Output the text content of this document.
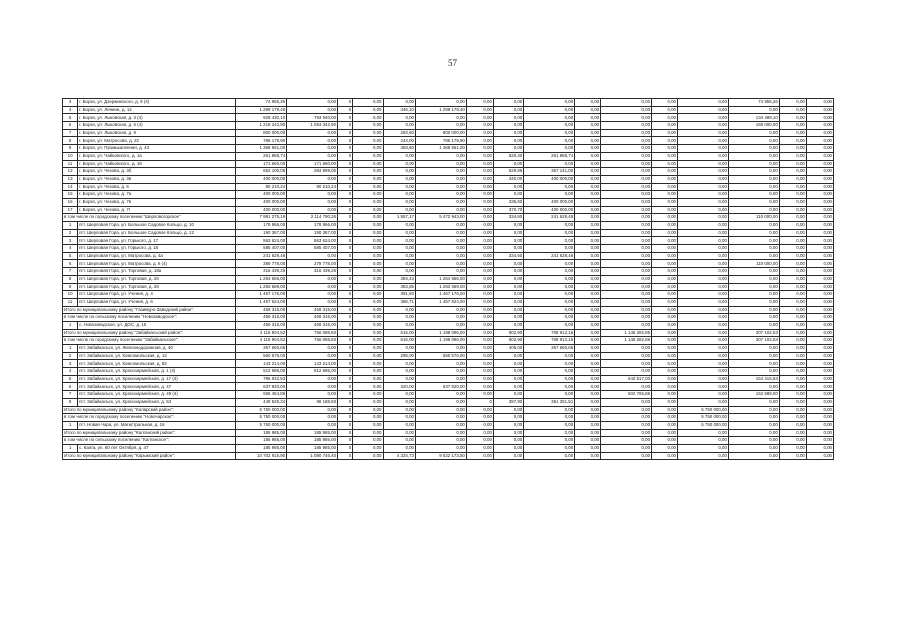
57
3	г. Борзя, ул. Дзержинского, д. 9 (4)	74 955,26	0,00	0	0,00	0,00	0,00	0,00	0,00	0,00	0,00	0,00	0,00	0,00	74 955,26	0,00	0,00
4	г. Борзя, ул. Ленина, д. 14	1 299 179,40	0,00	0	0,00	446,10	1 299 179,40	0,00	0,00	0,00	0,00	0,00	0,00	0,00	0,00	0,00	0,00
5	г. Борзя, ул. Лыковская, д. 3 (4)	928 430,10	793 940,00	0	0,00	0,00	0,00	0,00	0,00	0,00	0,00	0,00	0,00	0,00	134 489,10	0,00	0,00
6	г. Борзя, ул. Лыковская, д. 5 (4)	1 218 242,90	1 053 342,90	0	0,00	0,00	0,00	0,00	0,00	0,00	0,00	0,00	0,00	0,00	165 000,00	0,00	0,00
7	г. Борзя, ул. Лыковская, д. 9	800 000,00	0,00	0	0,00	283,60	800 000,00	0,00	0,00	0,00	0,00	0,00	0,00	0,00	0,00	0,00	0,00
8	г. Борзя, ул. Матросова, д. 22	786 179,90	0,00	0	0,00	244,00	786 179,90	0,00	0,00	0,00	0,00	0,00	0,00	0,00	0,00	0,00	0,00
9	г. Борзя, ул. Промышленная, д. 43	1 368 561,00	0,00	0	0,00	483,60	1 368 561,00	0,00	0,00	0,00	0,00	0,00	0,00	0,00	0,00	0,00	0,00
10	г. Борзя, ул. Чайковского, д. 1а	261 858,74	0,00	0	0,00	0,00	0,00	0,00	620,40	261 858,74	0,00	0,00	0,00	0,00	0,00	0,00	0,00
11	г. Борзя, ул. Чайковского, д. 18	171 660,00	171 660,00	0	0,00	0,00	0,00	0,00	0,00	0,00	0,00	0,00	0,00	0,00	0,00	0,00	0,00
12	г. Борзя, ул. Чехова, д. 3б	652 100,05	284 959,05	0	0,00	0,00	0,00	0,00	629,85	367 141,00	0,00	0,00	0,00	0,00	0,00	0,00	0,00
13	г. Борзя, ул. Чехова, д. 3в	400 000,00	0,00	0	0,00	0,00	0,00	0,00	340,00	400 000,00	0,00	0,00	0,00	0,00	0,00	0,00	0,00
14	г. Борзя, ул. Чехова, д. 5	80 210,24	80 210,24	0	0,00	0,00	0,00	0,00	0,00	0,00	0,00	0,00	0,00	0,00	0,00	0,00	0,00
15	г. Борзя, ул. Чехова, д. 7а	400 000,00	0,00	0	0,00	0,00	0,00	0,00	0,00	0,00	0,00	0,00	0,00	0,00	0,00	0,00	0,00
16	г. Борзя, ул. Чехова, д. 7в	400 000,00	0,00	0	0,00	0,00	0,00	0,00	335,60	400 000,00	0,00	0,00	0,00	0,00	0,00	0,00	0,00
17	г. Борзя, ул. Чехова, д. 7г	400 000,00	0,00	0	0,00	0,00	0,00	0,00	370,70	400 000,00	0,00	0,00	0,00	0,00	0,00	0,00	0,00
в том числе по городскому поселению "Шерловогорское"		7 981 275,19	2 114 790,26	0	0,00	1 557,17	5 472 943,00	0,00	334,60	241 629,49	0,00	0,00	0,00	0,00	110 000,00	0,00	0,00
1	пгт. Шерловая Гора, ул. Большое Садовое Кольцо, д. 10	178 866,00	178 866,00	0	0,00	0,00	0,00	0,00	0,00	0,00	0,00	0,00	0,00	0,00	0,00	0,00	0,00
2	пгт. Шерловая Гора, ул. Большое Садовое Кольцо, д. 12	190 367,00	190 367,00	0	0,00	0,00	0,00	0,00	0,00	0,00	0,00	0,00	0,00	0,00	0,00	0,00	0,00
3	пгт. Шерловая Гора, ул. Горького, д. 17	563 624,00	563 624,00	0	0,00	0,00	0,00	0,00	0,00	0,00	0,00	0,00	0,00	0,00	0,00	0,00	0,00
4	пгт. Шерловая Гора, ул. Горького, д. 18	585 407,00	585 407,00	0	0,00	0,00	0,00	0,00	0,00	0,00	0,00	0,00	0,00	0,00	0,00	0,00	0,00
5	пгт. Шерловая Гора, ул. Матросова, д. 4а	241 629,49	0,00	0	0,00	0,00	0,00	0,00	334,60	241 629,49	0,00	0,00	0,00	0,00	0,00	0,00	0,00
6	пгт. Шерловая Гора, ул. Матросова, д. 6 (4)	389 778,00	279 778,00	0	0,00	0,00	0,00	0,00	0,00	0,00	0,00	0,00	0,00	0,00	110 000,00	0,00	0,00
7	пгт. Шерловая Гора, ул. Торговая, д. 18а	316 439,26	316 439,26	0	0,00	0,00	0,00	0,00	0,00	0,00	0,00	0,00	0,00	0,00	0,00	0,00	0,00
8	пгт. Шерловая Гора, ул. Торговая, д. 26	1 264 556,00	0,00	0	0,00	394,43	1 264 556,00	0,00	0,00	0,00	0,00	0,00	0,00	0,00	0,00	0,00	0,00
9	пгт. Шерловая Гора, ул. Торговая, д. 28	1 283 589,00	0,00	0	0,00	383,85	1 283 589,00	0,00	0,00	0,00	0,00	0,00	0,00	0,00	0,00	0,00	0,00
10	пгт. Шерловая Гора, ул. Учения, д. 4	1 467 176,00	0,00	0	0,00	391,93	1 467 176,00	0,00	0,00	0,00	0,00	0,00	0,00	0,00	0,00	0,00	0,00
11	пгт. Шерловая Гора, ул. Учения, д. 6	1 457 624,00	0,00	0	0,00	386,71	1 457 624,00	0,00	0,00	0,00	0,00	0,00	0,00	0,00	0,00	0,00	0,00
Итого по муниципальному району "Газимуро-Заводский район":		459 315,00	459 315,00	0	0,00	0,00	0,00	0,00	0,00	0,00	0,00	0,00	0,00	0,00	0,00	0,00	0,00
в том числе по сельскому поселению "Новозаводское":		459 315,00	459 315,00	0	0,00	0,00	0,00	0,00	0,00	0,00	0,00	0,00	0,00	0,00	0,00	0,00	0,00
1	с. Новозаводское, ул. ДОС, д. 15	459 315,00	459 315,00	0	0,00	0,00	0,00	0,00	0,00	0,00	0,00	0,00	0,00	0,00	0,00	0,00	0,00
Итого по муниципальному району "Забайкальский район":		4 115 904,52	756 088,83	0	0,00	615,00	1 198 096,00	0,00	802,90	708 912,16	0,00	1 145 282,86	0,00	0,00	307 102,53	0,00	0,00
в том числе по городскому поселению "Забайкальское":		4 115 904,52	756 088,83	0	0,00	615,00	1 198 096,00	0,00	802,90	708 912,16	0,00	1 145 282,86	0,00	0,00	307 102,53	0,00	0,00
1	пгт. Забайкальск, ул. Железнодорожная, д. 40	357 660,65	0,00	0	0,00	0,00	0,00	0,00	405,00	357 660,65	0,00	0,00	0,00	0,00	0,00	0,00	0,00
2	пгт. Забайкальск, ул. Комсомольская, д. 13	560 576,00	0,00	0	0,00	295,00	560 576,00	0,00	0,00	0,00	0,00	0,00	0,00	0,00	0,00	0,00	0,00
3	пгт. Забайкальск, ул. Комсомольская, д. 83	143 214,00	143 214,00	0	0,00	0,00	0,00	0,00	0,00	0,00	0,00	0,00	0,00	0,00	0,00	0,00	0,00
4	пгт. Забайкальск, ул. Красноармейская, д. 1 (4)	512 686,00	512 686,00	0	0,00	0,00	0,00	0,00	0,00	0,00	0,00	0,00	0,00	0,00	0,00	0,00	0,00
5	пгт. Забайкальск, ул. Красноармейская, д. 17 (4)	796 932,53	0,00	0	0,00	0,00	0,00	0,00	0,00	0,00	0,00	642 517,00	0,00	0,00	154 415,53	0,00	0,00
6	пгт. Забайкальск, ул. Красноармейская, д. 47	637 920,00	0,00	0	0,00	320,00	637 920,00	0,00	0,00	0,00	0,00	0,00	0,00	0,00	0,00	0,00	0,00
7	пгт. Забайкальск, ул. Красноармейская, д. 49 (4)	655 454,86	0,00	0	0,00	0,00	0,00	0,00	0,00	0,00	0,00	502 765,86	0,00	0,00	152 689,00	0,00	0,00
8	пгт. Забайкальск, ул. Красноармейская, д. 53	449 526,34	98 188,83	0	0,00	0,00	0,00	0	397,90	351 251,51	0,00	0,00	0,00	0,00	0,00	0,00	0,00
Итого по муниципальному району "Каларский район":		5 750 000,00	0,00	0	0,00	0,00	0,00	0,00	0,00	0,00	0,00	0,00	0,00	5 750 000,00	0,00	0,00	0,00
в том числе по городскому поселению "Новочарское":		5 750 000,00	0,00	0	0,00	0,00	0,00	0,00	0,00	0,00	0,00	0,00	0,00	5 750 000,00	0,00	0,00	0,00
1	пгт. Новая Чара, ул. Магистральная, д. 16	5 750 000,00	0,00	0	0,00	0,00	0,00	0,00	0,00	0,00	0,00	0,00	0,00	5 750 000,00	0,00	0,00	0,00
Итого по муниципальному району "Калганский район":		185 985,00	185 985,00	0	0,00	0,00	0,00	0,00	0,00	0,00	0,00	0,00	0,00	0,00	0,00	0,00	0,00
в том числе по сельскому поселению "Калганское":		185 985,00	185 985,00	0	0,00	0,00	0,00	0,00	0,00	0,00	0,00	0,00	0,00	0,00	0,00	0,00	0,00
1	с. Калга, ул. 60 лет Октября, д. 47	185 985,00	185 985,00	0	0,00	0,00	0,00	0,00	0,00	0,00	0,00	0,00	0,00	0,00	0,00	0,00	0,00
Итого по муниципальному району "Карымский район":		10 702 915,90	1 080 746,40	0	0,00	4 334,73	9 622 173,50	0,00	0,00	0,00	0,00	0,00	0,00	0,00	0,00	0,00	0,00
